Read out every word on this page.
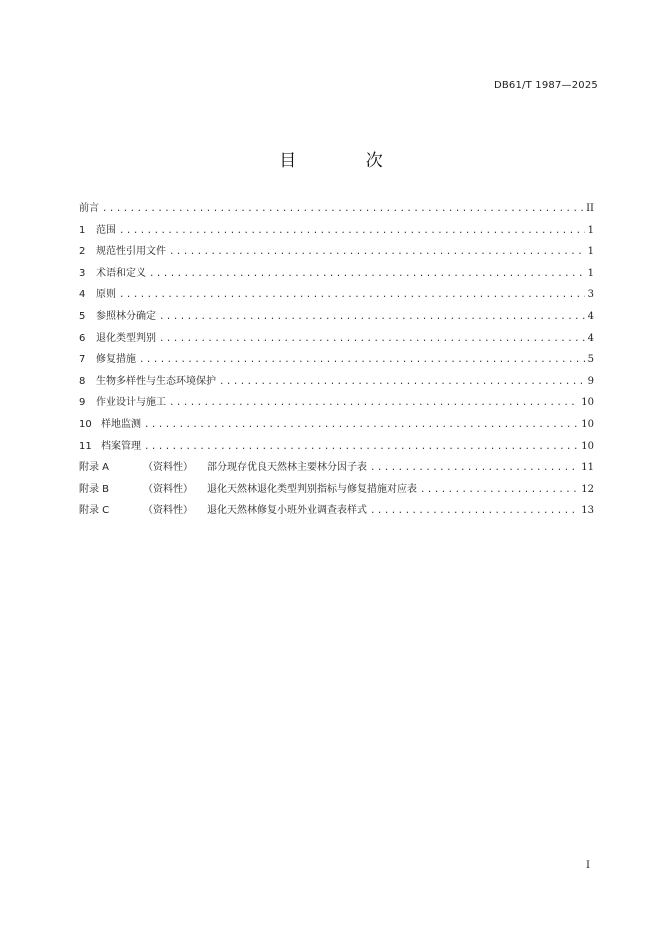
DB61/T 1987—2025
目 次
前言 .....	II
1	范围 .....	1
2	规范性引用文件 .....	1
3	术语和定义 .....	1
4	原则 .....	3
5	参照林分确定 .....	4
6	退化类型判别 .....	4
7	修复措施 .....	5
8	生物多样性与生态环境保护 .....	9
9	作业设计与施工 .....	10
10 样地监测 .....	10
11 档案管理 .....	10
附录 A	（资料性）	部分现存优良天然林主要林分因子表 .....	11
附录 B	（资料性）	退化天然林退化类型判别指标与修复措施对应表 .....	12
附录 C	（资料性）	退化天然林修复小班外业调查表样式 .....	13
I
